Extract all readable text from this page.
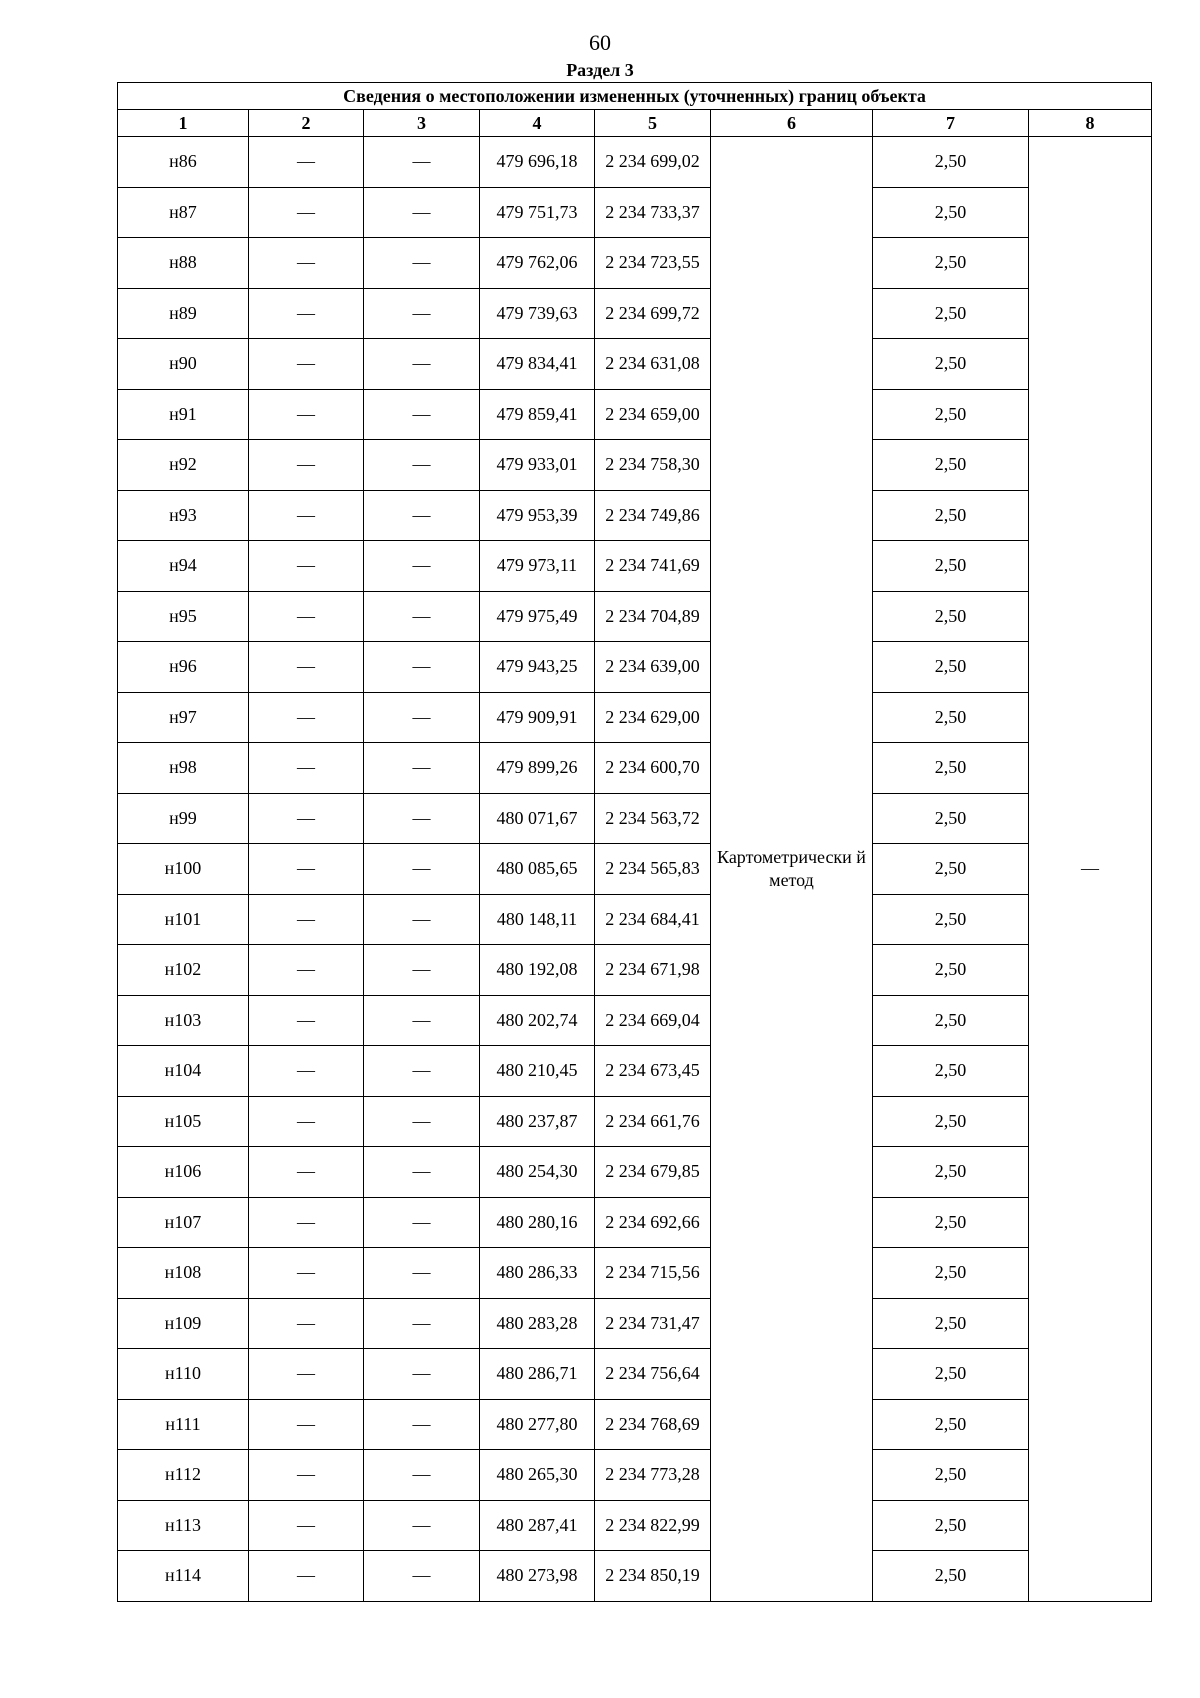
60
Раздел 3
Сведения о местоположении измененных (уточненных) границ объекта							
1	2	3	4	5	6	7	8
н86	—	—	479 696,18	2 234 699,02	Картометрически й метод	2,50	—
н87	—	—	479 751,73	2 234 733,37		2,50	
н88	—	—	479 762,06	2 234 723,55		2,50	
н89	—	—	479 739,63	2 234 699,72		2,50	
н90	—	—	479 834,41	2 234 631,08		2,50	
н91	—	—	479 859,41	2 234 659,00		2,50	
н92	—	—	479 933,01	2 234 758,30		2,50	
н93	—	—	479 953,39	2 234 749,86		2,50	
н94	—	—	479 973,11	2 234 741,69		2,50	
н95	—	—	479 975,49	2 234 704,89		2,50	
н96	—	—	479 943,25	2 234 639,00		2,50	
н97	—	—	479 909,91	2 234 629,00		2,50	
н98	—	—	479 899,26	2 234 600,70		2,50	
н99	—	—	480 071,67	2 234 563,72		2,50	
н100	—	—	480 085,65	2 234 565,83		2,50	
н101	—	—	480 148,11	2 234 684,41		2,50	
н102	—	—	480 192,08	2 234 671,98		2,50	
н103	—	—	480 202,74	2 234 669,04		2,50	
н104	—	—	480 210,45	2 234 673,45		2,50	
н105	—	—	480 237,87	2 234 661,76		2,50	
н106	—	—	480 254,30	2 234 679,85		2,50	
н107	—	—	480 280,16	2 234 692,66		2,50	
н108	—	—	480 286,33	2 234 715,56		2,50	
н109	—	—	480 283,28	2 234 731,47		2,50	
н110	—	—	480 286,71	2 234 756,64		2,50	
н111	—	—	480 277,80	2 234 768,69		2,50	
н112	—	—	480 265,30	2 234 773,28		2,50	
н113	—	—	480 287,41	2 234 822,99		2,50	
н114	—	—	480 273,98	2 234 850,19		2,50	
